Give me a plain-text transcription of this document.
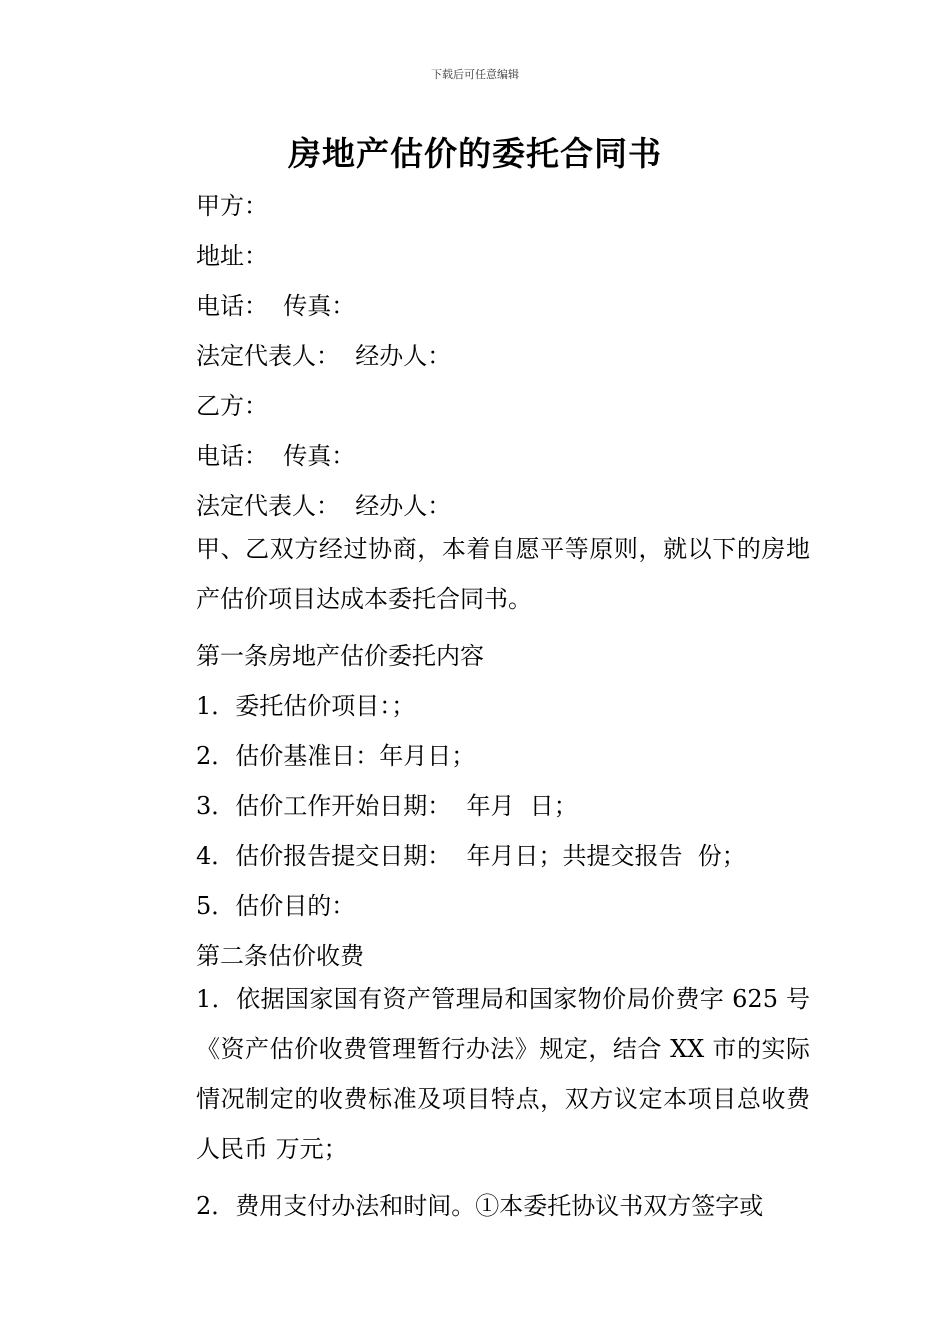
下载后可任意编辑
房地产估价的委托合同书
甲方：
地址：
电话：  传真：
法定代表人：  经办人：
乙方：
电话：  传真：
法定代表人：  经办人：
甲、乙双方经过协商，本着自愿平等原则，就以下的房地产估价项目达成本委托合同书。
第一条房地产估价委托内容
1．委托估价项目：；
2．估价基准日：年月日；
3．估价工作开始日期：  年月  日；
4．估价报告提交日期：  年月日；共提交报告  份；
5．估价目的：
第二条估价收费
1．依据国家国有资产管理局和国家物价局价费字 625 号《资产估价收费管理暂行办法》规定，结合 XX 市的实际情况制定的收费标准及项目特点，双方议定本项目总收费人民币 万元；
2．费用支付办法和时间。①本委托协议书双方签字或
